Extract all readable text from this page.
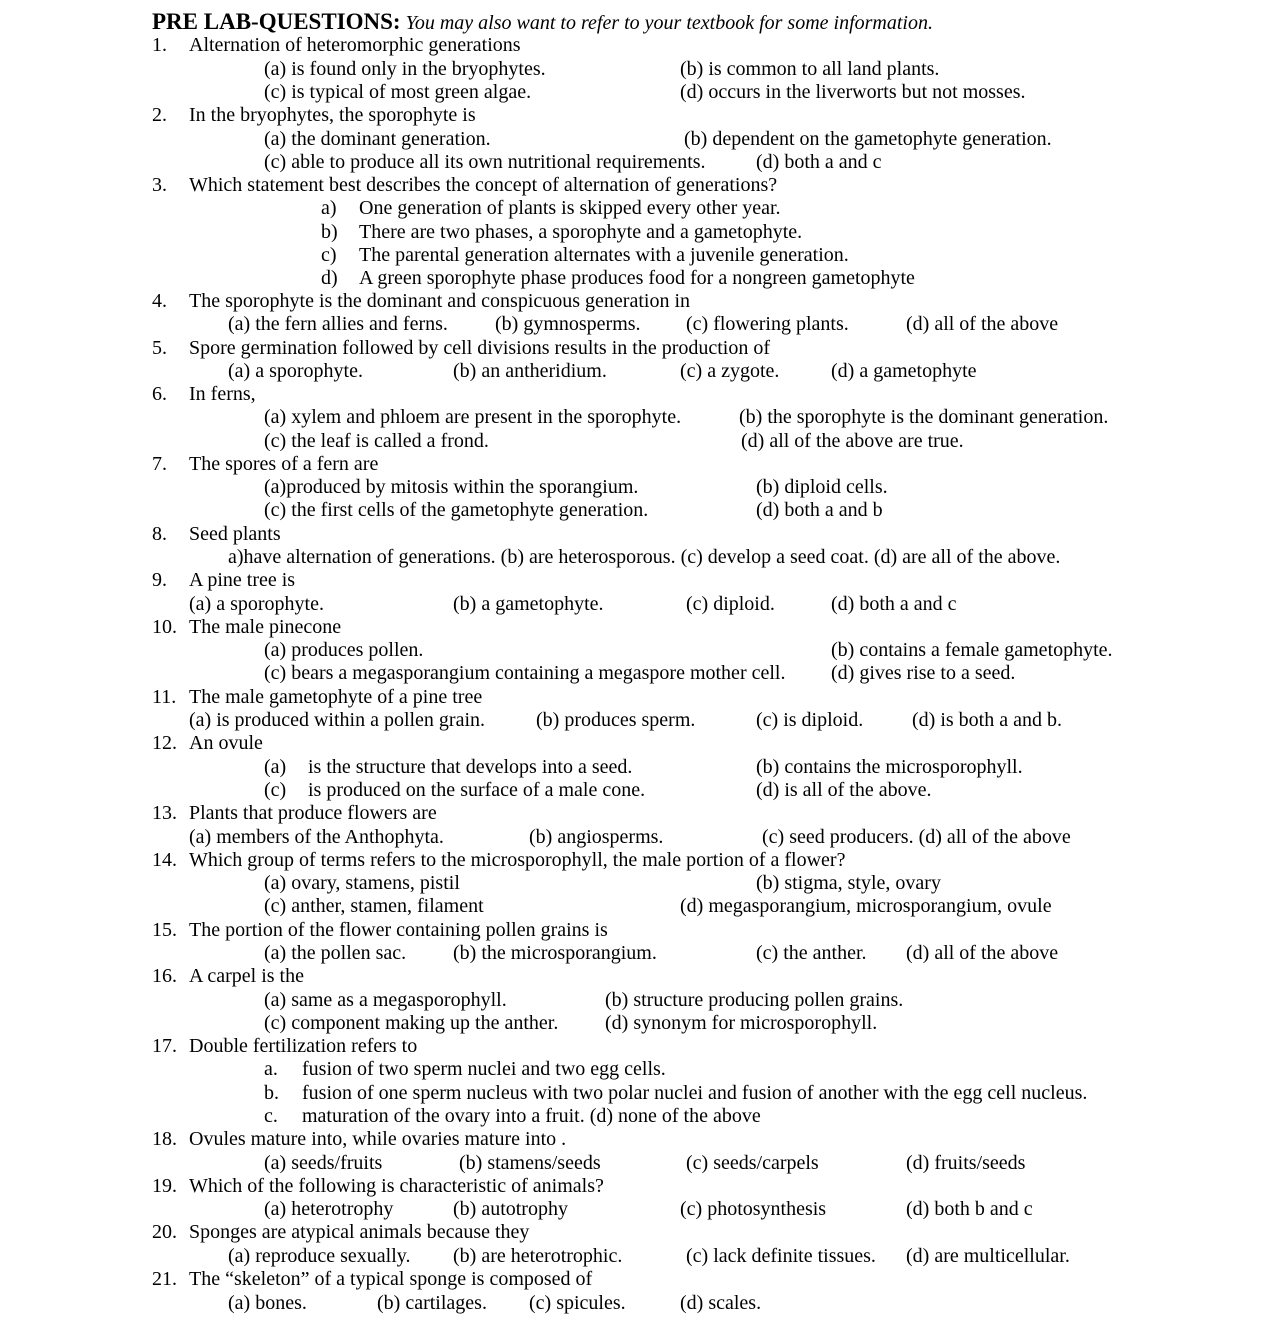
PRE LAB-QUESTIONS: You may also want to refer to your textbook for some information.
1. Alternation of heteromorphic generations
(a) is found only in the bryophytes.	(b) is common to all land plants.
(c) is typical of most green algae.	(d) occurs in the liverworts but not mosses.
2. In the bryophytes, the sporophyte is
(a) the dominant generation.	(b) dependent on the gametophyte generation.
(c) able to produce all its own nutritional requirements.	(d) both a and c
3. Which statement best describes the concept of alternation of generations?
a) One generation of plants is skipped every other year.
b) There are two phases, a sporophyte and a gametophyte.
c) The parental generation alternates with a juvenile generation.
d) A green sporophyte phase produces food for a nongreen gametophyte
4. The sporophyte is the dominant and conspicuous generation in
(a) the fern allies and ferns. (b) gymnosperms. (c) flowering plants.	(d) all of the above
5. Spore germination followed by cell divisions results in the production of
(a) a sporophyte.	(b) an antheridium.	(c) a zygote.	(d) a gametophyte
6. In ferns,
(a) xylem and phloem are present in the sporophyte.	(b) the sporophyte is the dominant generation.
(c) the leaf is called a frond.	(d) all of the above are true.
7. The spores of a fern are
(a)produced by mitosis within the sporangium.	(b) diploid cells.
(c) the first cells of the gametophyte generation.	(d) both a and b
8. Seed plants
a)have alternation of generations. (b) are heterosporous. (c) develop a seed coat. (d) are all of the above.
9. A pine tree is
(a) a sporophyte.	(b) a gametophyte.	(c) diploid.	(d) both a and c
10. The male pinecone
(a) produces pollen.	(b) contains a female gametophyte.
(c) bears a megasporangium containing a megaspore mother cell. (d) gives rise to a seed.
11. The male gametophyte of a pine tree
(a) is produced within a pollen grain.	(b) produces sperm.	(c) is diploid. (d) is both a and b.
12. An ovule
(a) is the structure that develops into a seed.	(b) contains the microsporophyll.
(c) is produced on the surface of a male cone.	(d) is all of the above.
13. Plants that produce flowers are
(a) members of the Anthophyta.	(b) angiosperms.	(c) seed producers. (d) all of the above
14. Which group of terms refers to the microsporophyll, the male portion of a flower?
(a) ovary, stamens, pistil	(b) stigma, style, ovary
(c) anther, stamen, filament	(d) megasporangium, microsporangium, ovule
15. The portion of the flower containing pollen grains is
(a) the pollen sac. (b) the microsporangium.	(c) the anther. (d) all of the above
16. A carpel is the
(a) same as a megasporophyll.	(b) structure producing pollen grains.
(c) component making up the anther. (d) synonym for microsporophyll.
17. Double fertilization refers to
a. fusion of two sperm nuclei and two egg cells.
b. fusion of one sperm nucleus with two polar nuclei and fusion of another with the egg cell nucleus.
c. maturation of the ovary into a fruit. (d) none of the above
18. Ovules mature into, while ovaries mature into .
(a) seeds/fruits	(b) stamens/seeds	(c) seeds/carpels	(d) fruits/seeds
19. Which of the following is characteristic of animals?
(a) heterotrophy	(b) autotrophy	(c) photosynthesis	(d) both b and c
20. Sponges are atypical animals because they
(a) reproduce sexually. (b) are heterotrophic.	(c) lack definite tissues. (d) are multicellular.
21. The “skeleton” of a typical sponge is composed of
(a) bones.	(b) cartilages. (c) spicules.	(d) scales.
